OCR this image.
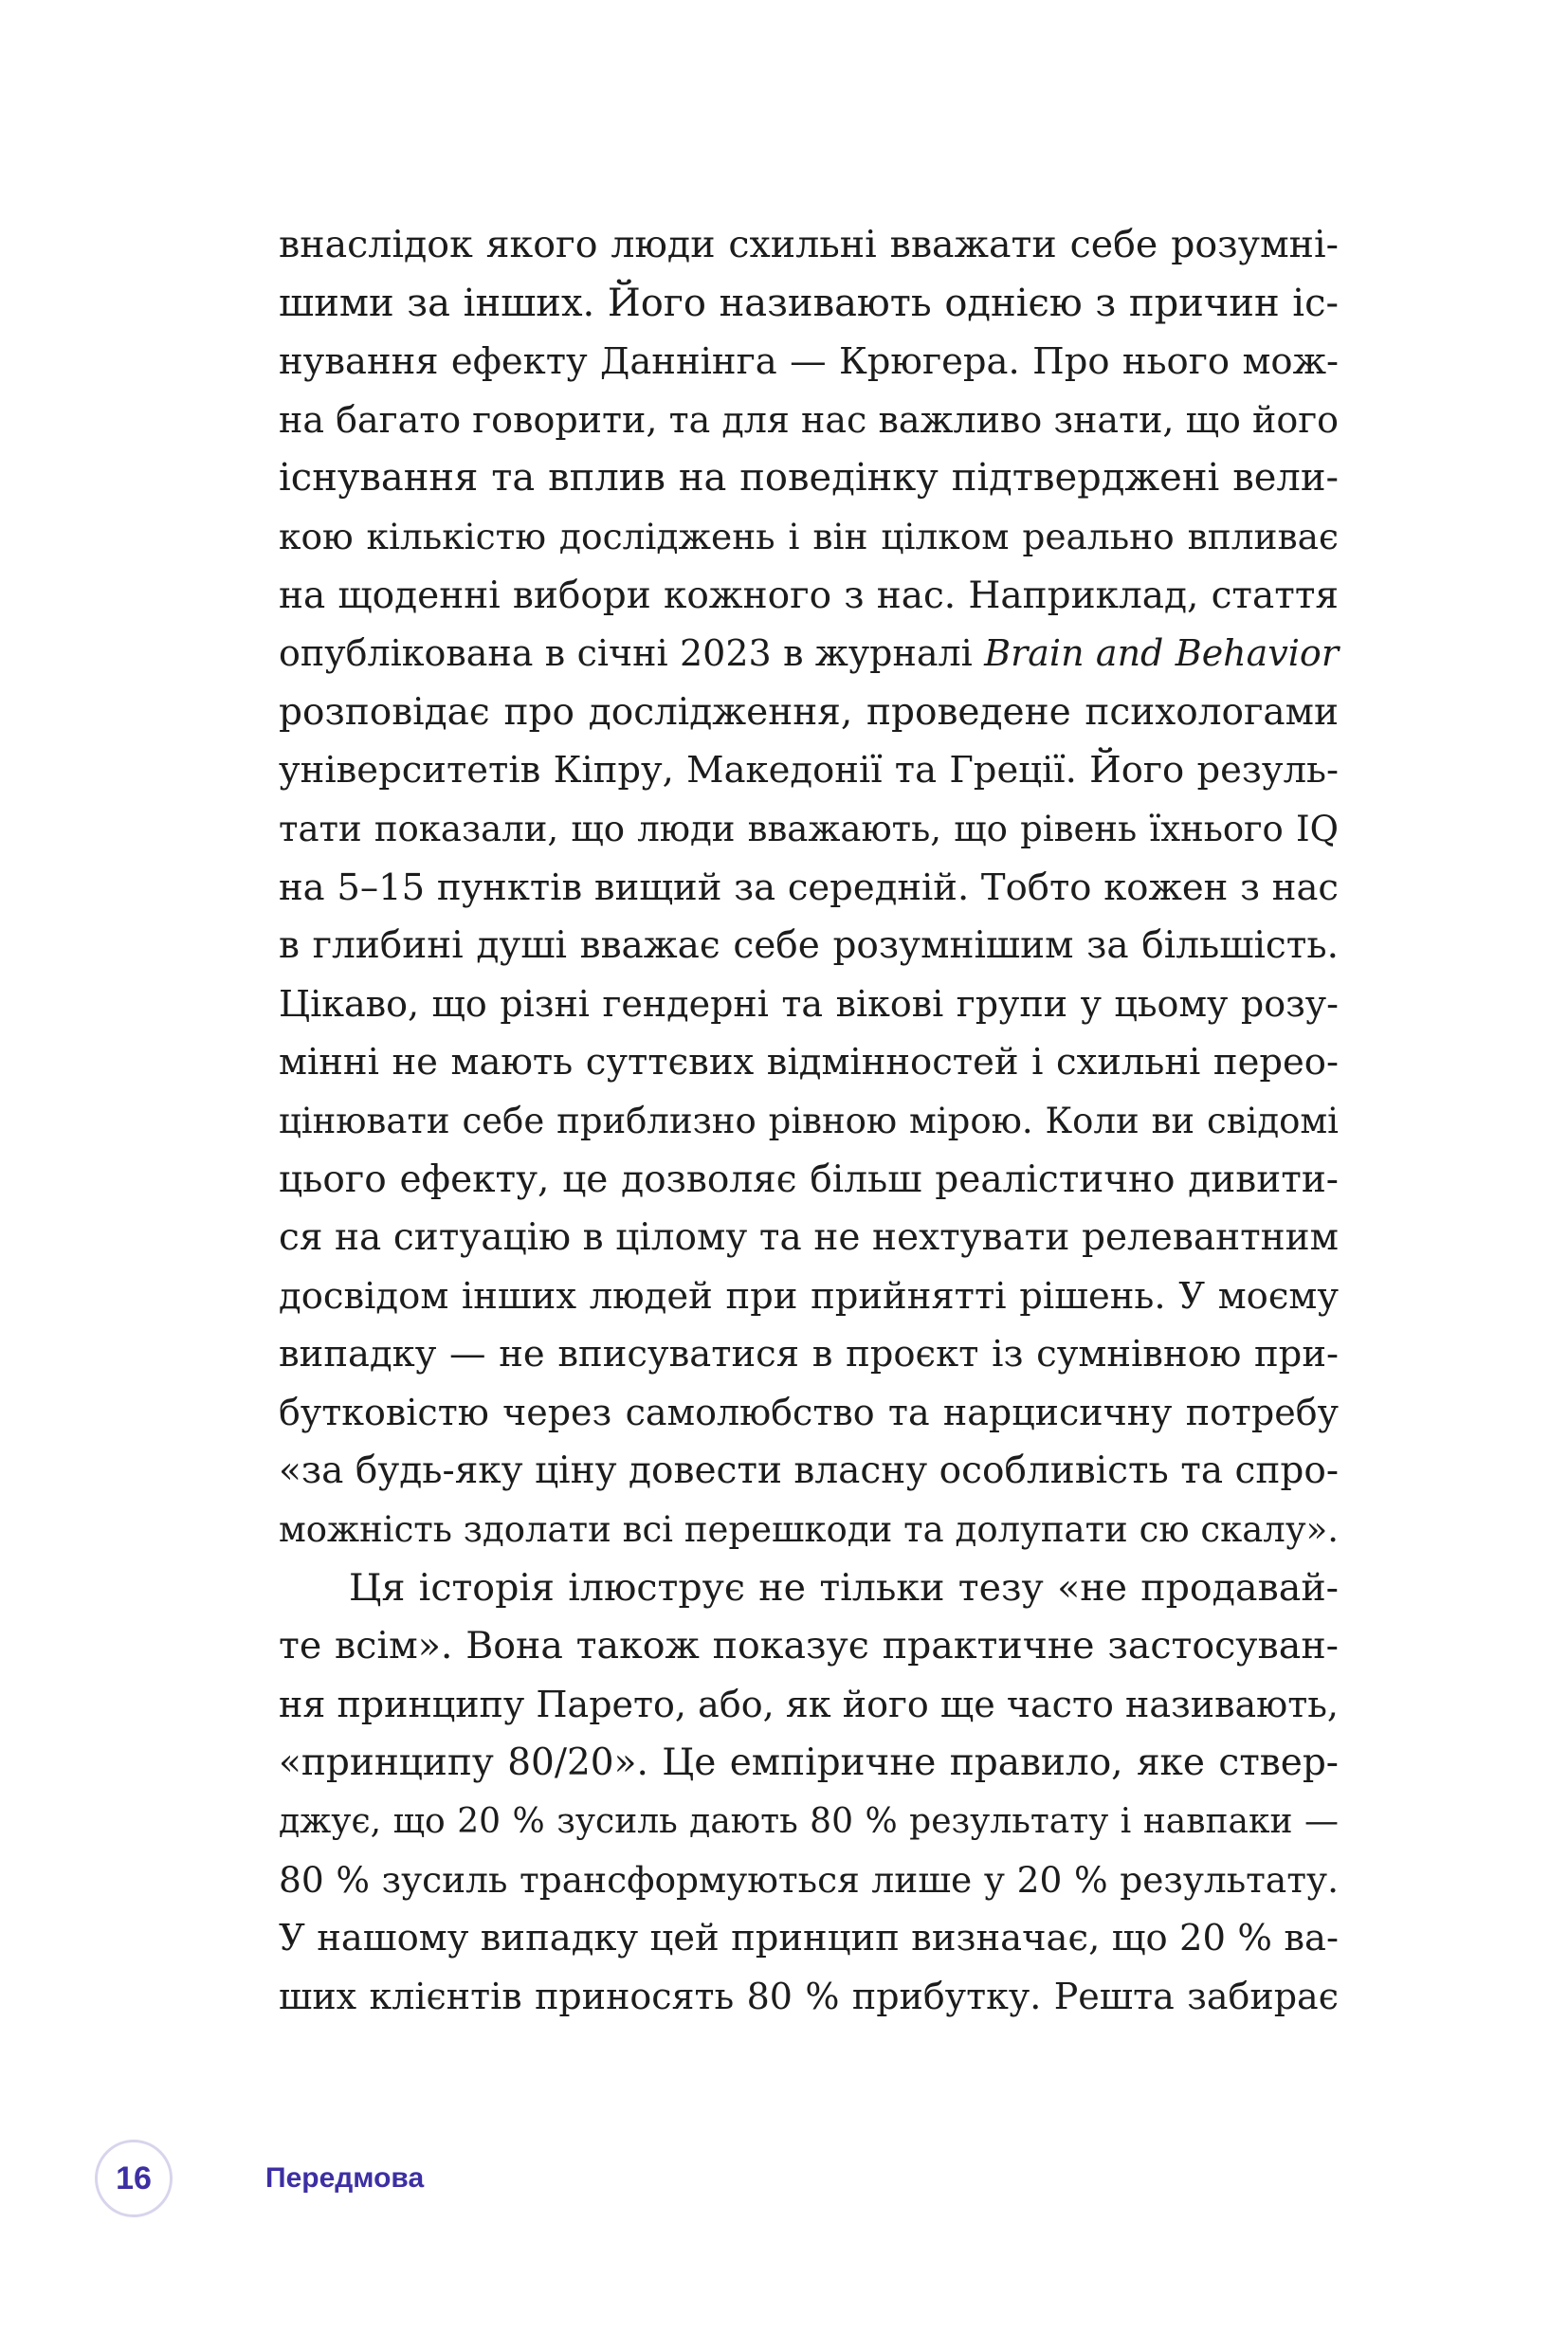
внаслідок якого люди схильні вважати себе розумні-
шими за інших. Його називають однією з причин іс-
нування ефекту Даннінга — Крюгера. Про нього мож-
на багато говорити, та для нас важливо знати, що його
існування та вплив на поведінку підтверджені вели-
кою кількістю досліджень і він цілком реально впливає
на щоденні вибори кожного з нас. Наприклад, стаття
опублікована в січні 2023 в журналі Brain and Behavior
розповідає про дослідження, проведене психологами
університетів Кіпру, Македонії та Греції. Його резуль-
тати показали, що люди вважають, що рівень їхнього IQ
на 5–15 пунктів вищий за середній. Тобто кожен з нас
в глибині душі вважає себе розумнішим за більшість.
Цікаво, що різні гендерні та вікові групи у цьому розу-
мінні не мають суттєвих відмінностей і схильні перео-
цінювати себе приблизно рівною мірою. Коли ви свідомі
цього ефекту, це дозволяє більш реалістично дивити-
ся на ситуацію в цілому та не нехтувати релевантним
досвідом інших людей при прийнятті рішень. У моєму
випадку — не вписуватися в проєкт із сумнівною при-
бутковістю через самолюбство та нарцисичну потребу
«за будь-яку ціну довести власну особливість та спро-
можність здолати всі перешкоди та долупати сю скалу».
Ця історія ілюструє не тільки тезу «не продавай-
те всім». Вона також показує практичне застосуван-
ня принципу Парето, або, як його ще часто називають,
«принципу 80/20». Це емпіричне правило, яке ствер-
джує, що 20 % зусиль дають 80 % результату і навпаки —
80 % зусиль трансформуються лише у 20 % результату.
У нашому випадку цей принцип визначає, що 20 % ва-
ших клієнтів приносять 80 % прибутку. Решта забирає
16	Передмова
